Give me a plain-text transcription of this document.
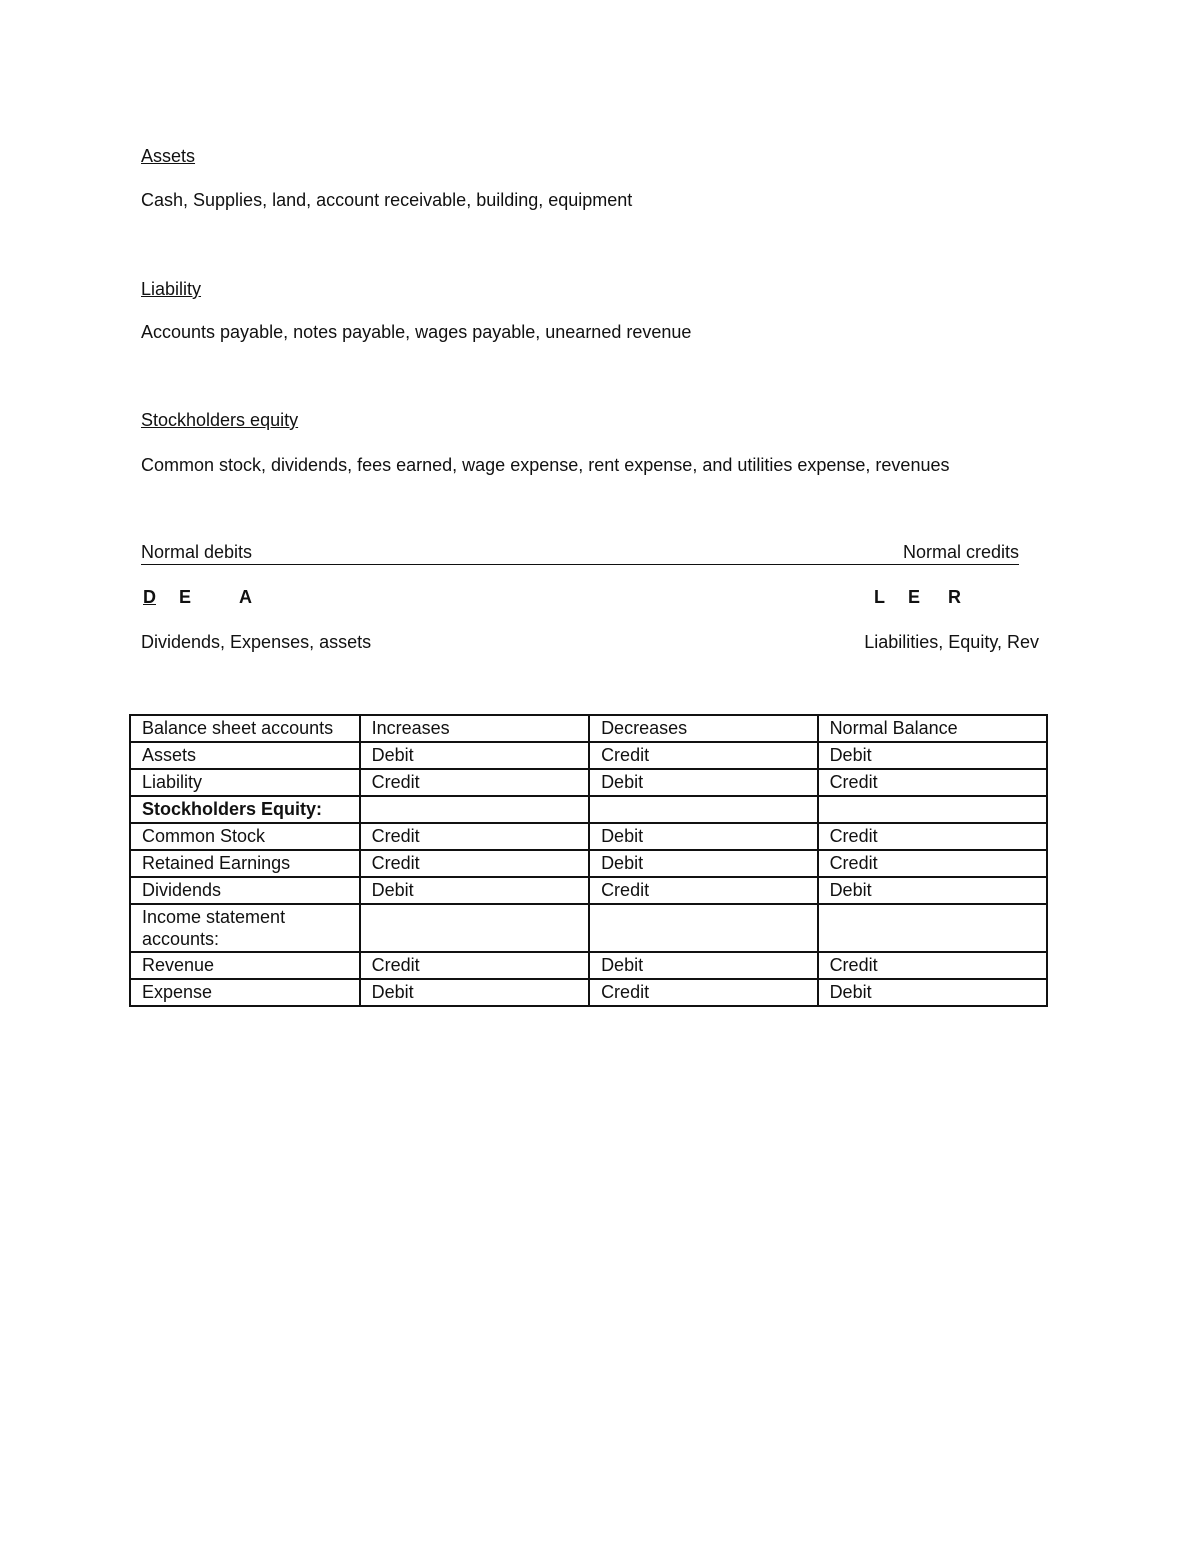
Assets
Cash, Supplies, land, account receivable, building, equipment
Liability
Accounts payable, notes payable, wages payable, unearned revenue
Stockholders equity
Common stock, dividends, fees earned, wage expense, rent expense, and utilities expense, revenues
Normal debits	Normal credits
D E	A	L E R
Dividends, Expenses, assets	Liabilities, Equity, Rev
Balance sheet accounts	Increases	Decreases	Normal Balance
Assets	Debit	Credit	Debit
Liability	Credit	Debit	Credit
Stockholders Equity:			
Common Stock	Credit	Debit	Credit
Retained Earnings	Credit	Debit	Credit
Dividends	Debit	Credit	Debit
Income statement accounts:			
Revenue	Credit	Debit	Credit
Expense	Debit	Credit	Debit
